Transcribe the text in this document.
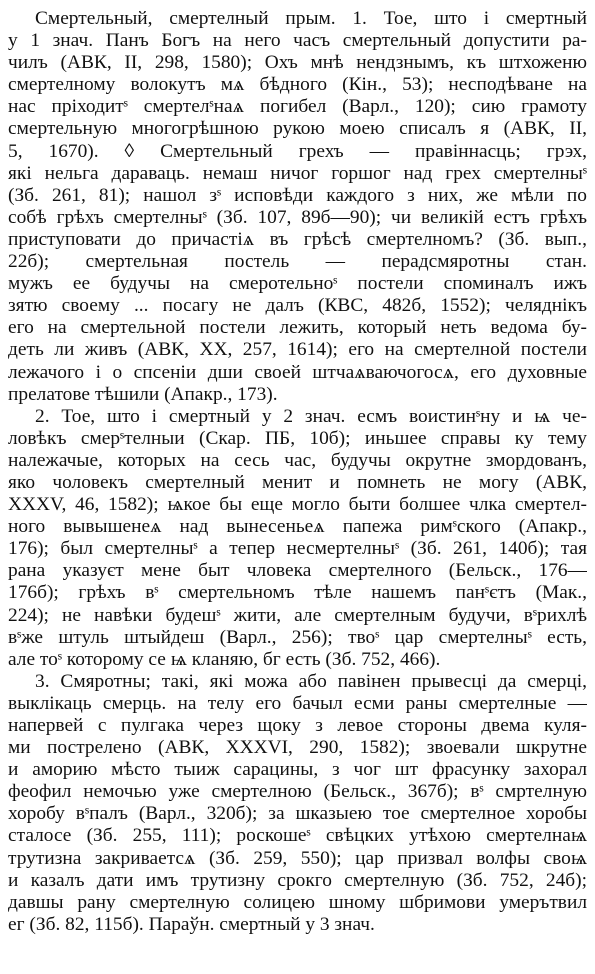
Смертельный, смертелный прым. 1. Тое, што і смертный
у 1 знач. Панъ Богъ на него часъ смертельный допустити ра-
чилъ (АВК, II, 298, 1580); Охъ мнѣ нендзнымъ, къ штхоженю
смертелному волокутъ мѧ бѣдного (Кін., 53); несподѣване на
нас пріходитˢ смертелˢнаѧ погибел (Варл., 120); сию грамоту
смертельную многогрѣшною рукою моею списалъ я (АВК, II,
5, 1670). ◊ Смертельный грехъ — правіннасць; грэх,
які нельга дараваць. немаш ничог горшог над грех смертелныˢ
(Зб. 261, 81); нашол зˢ исповѣди каждого з них, же мѣли по
собѣ грѣхъ смертелныˢ (Зб. 107, 89б—90); чи великій естъ грѣхъ
приступовати до причастіѧ въ грѣсѣ смертелномъ? (Зб. вып.,
22б); смертельная постель — перадсмяротны стан.
мужъ ее будучы на смеротельноˢ постели споминалъ ижъ
зятю своему ... посагу не далъ (КВС, 482б, 1552); челяднікъ
его на смертельной постели лежить, который неть ведома бу-
деть ли живъ (АВК, XX, 257, 1614); его на смертелной постели
лежачого і о спсеніи дши своей штчаѧваючогосѧ, его духовные
прелатове тѣшили (Апакр., 173).
2. Тое, што і смертный у 2 знач. есмъ воистинˢну и ѩ че-
ловѣкъ смерˢтелныи (Скар. ПБ, 10б); иньшее справы ку тему
належачые, которых на сесь час, будучы окрутне змордованъ,
яко чоловекъ смертелный менит и помнеть не могу (АВК,
XXXV, 46, 1582); ѩкое бы еще могло быти болшее члка смертел-
ного вывышенеѧ над вынесеньеѧ папежа римˢского (Апакр.,
176); был смертелныˢ а тепер несмертелныˢ (Зб. 261, 140б); тая
рана указуєт мене быт чловека смертелного (Бельск., 176—
176б); грѣхъ вˢ смертельномъ тѣле нашемъ панˢєтъ (Мак.,
224); не навѣки будешˢ жити, але смертелным будучи, вˢрихлѣ
вˢже штуль штыйдеш (Варл., 256); твоˢ цар смертелныˢ есть,
але тоˢ которому се ѩ кланяю, бг есть (Зб. 752, 466).
3. Смяротны; такі, які можа або павінен прывесці да смерці,
выклікаць смерць. на телу его бачыл есми раны смертелные —
напервей с пулгака через щоку з левое стороны двема куля-
ми пострелено (АВК, XXXVI, 290, 1582); звоевали шкрутне
и аморию мѣсто тыиж сарацины, з чог шт фрасунку захорал
феофил немочью уже смертелною (Бельск., 367б); вˢ смртелную
хоробу вˢпалъ (Варл., 320б); за шказыею тое смертелное хоробы
сталосе (Зб. 255, 111); роскошеˢ свѣцких утѣхою смертелнаѩ
трутизна закриваетсѧ (Зб. 259, 550); цар призвал волфы своѩ
и казалъ дати имъ трутизну срокго смертелную (Зб. 752, 24б);
давшы рану смертелную солицею шному шбримови умерътвил
ег (Зб. 82, 115б). Параўн. смертный у 3 знач.
